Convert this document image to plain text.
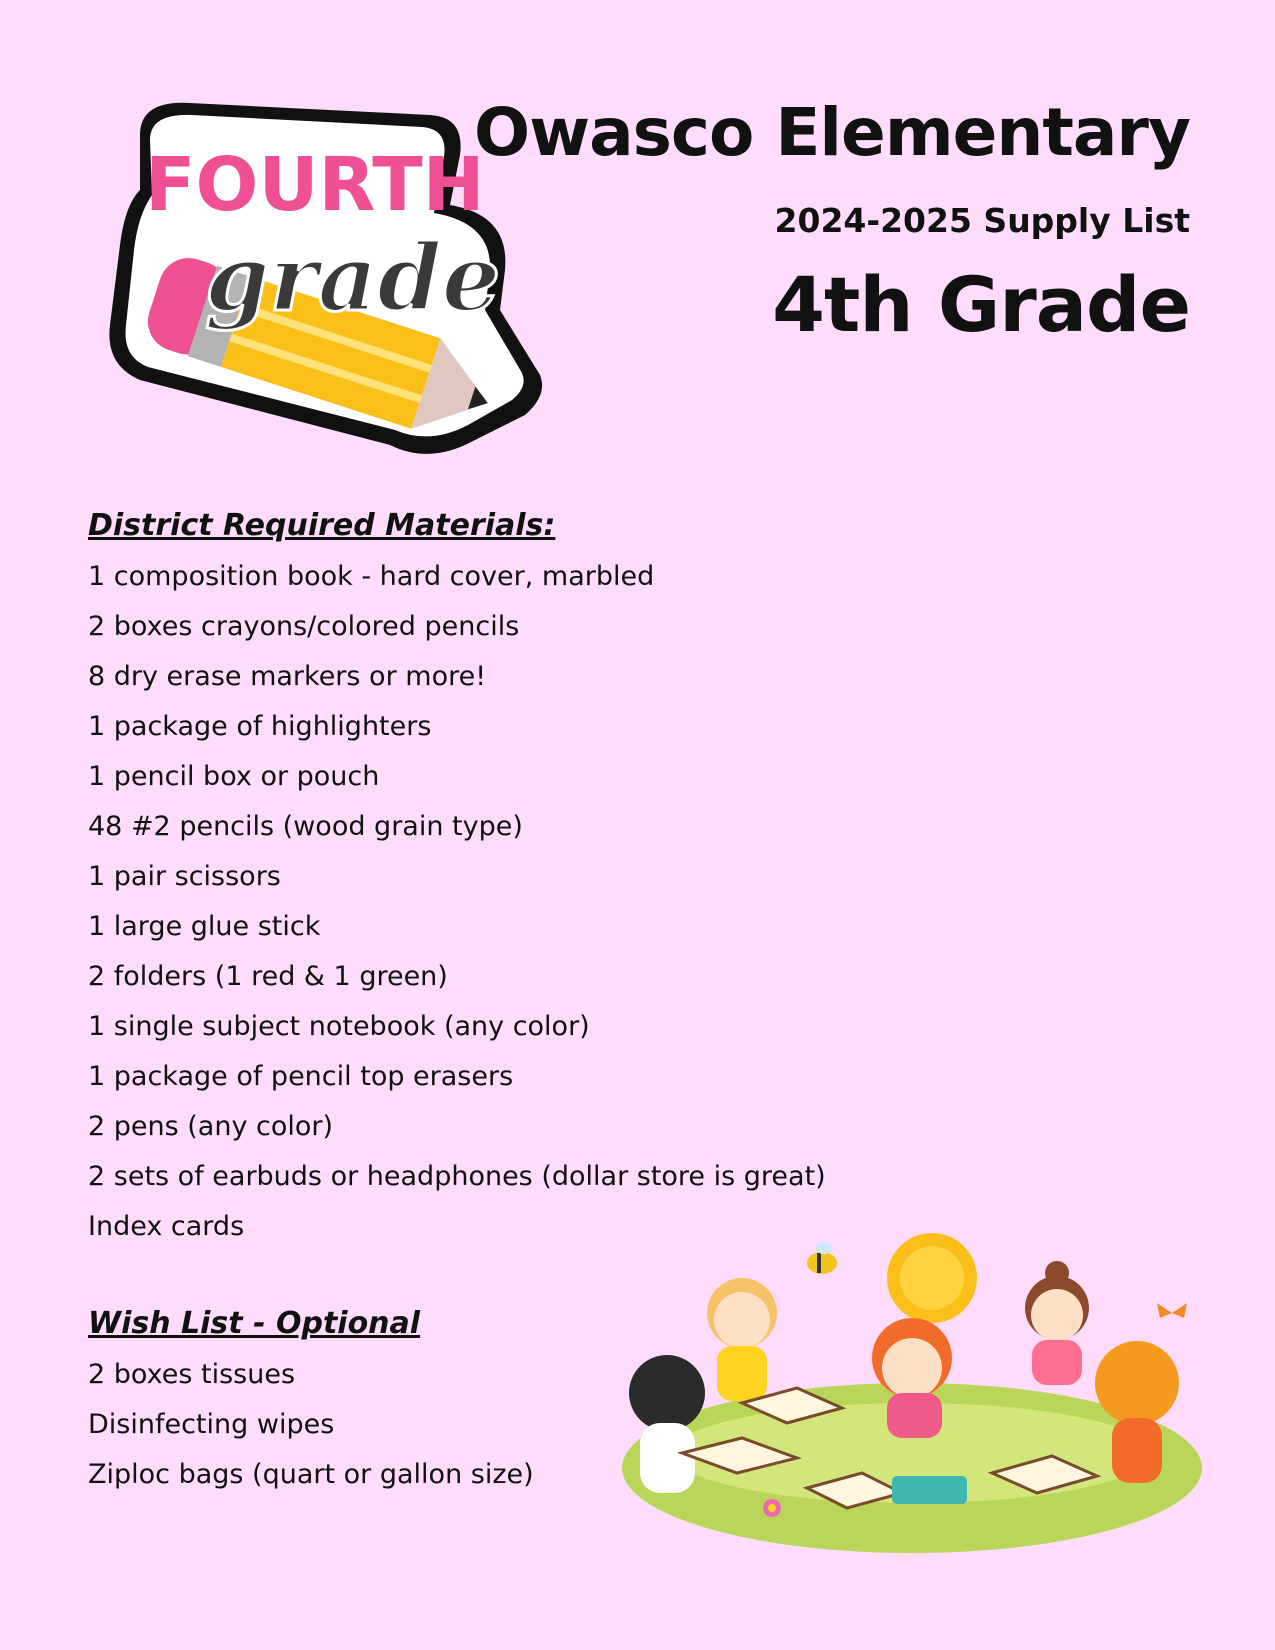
FOURTH
grade
Owasco Elementary
2024-2025 Supply List
4th Grade
District Required Materials:
1 composition book - hard cover, marbled
2 boxes crayons/colored pencils
8 dry erase markers or more!
1 package of highlighters
1 pencil box or pouch
48 #2 pencils (wood grain type)
1 pair scissors
1 large glue stick
2 folders (1 red & 1 green)
1 single subject notebook (any color)
1 package of pencil top erasers
2 pens (any color)
2 sets of earbuds or headphones (dollar store is great)
Index cards
Wish List - Optional
2 boxes tissues
Disinfecting wipes
Ziploc bags (quart or gallon size)
